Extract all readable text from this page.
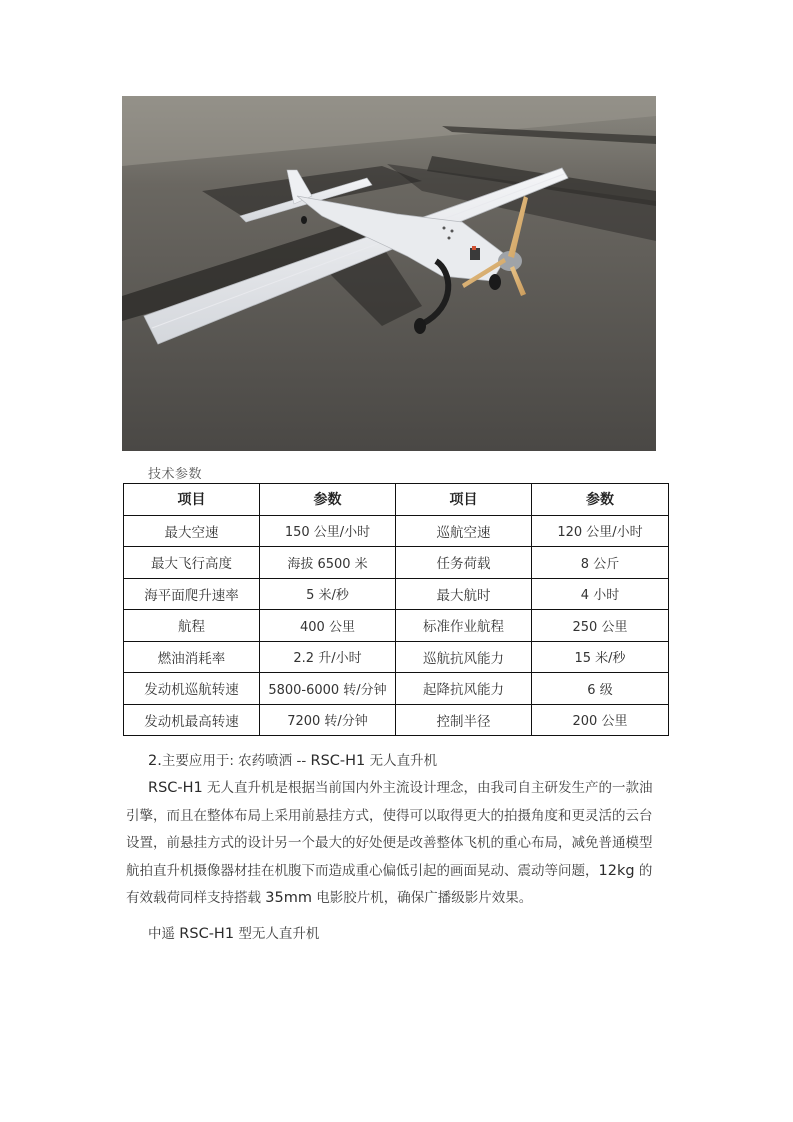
技术参数
项目	参数	项目	参数
最大空速	150 公里/小时	巡航空速	120 公里/小时
最大飞行高度	海拔 6500 米	任务荷载	8 公斤
海平面爬升速率	5 米/秒	最大航时	4 小时
航程	400 公里	标准作业航程	250 公里
燃油消耗率	2.2 升/小时	巡航抗风能力	15 米/秒
发动机巡航转速	5800-6000 转/分钟	起降抗风能力	6 级
发动机最高转速	7200 转/分钟	控制半径	200 公里
2.主要应用于: 农药喷洒 -- RSC-H1 无人直升机
RSC-H1 无人直升机是根据当前国内外主流设计理念，由我司自主研发生产的一款油
引擎，而且在整体布局上采用前悬挂方式，使得可以取得更大的拍摄角度和更灵活的云台
设置，前悬挂方式的设计另一个最大的好处便是改善整体飞机的重心布局，减免普通模型
航拍直升机摄像器材挂在机腹下而造成重心偏低引起的画面晃动、震动等问题，12kg 的
有效载荷同样支持搭载 35mm 电影胶片机，确保广播级影片效果。
中遥 RSC-H1 型无人直升机
